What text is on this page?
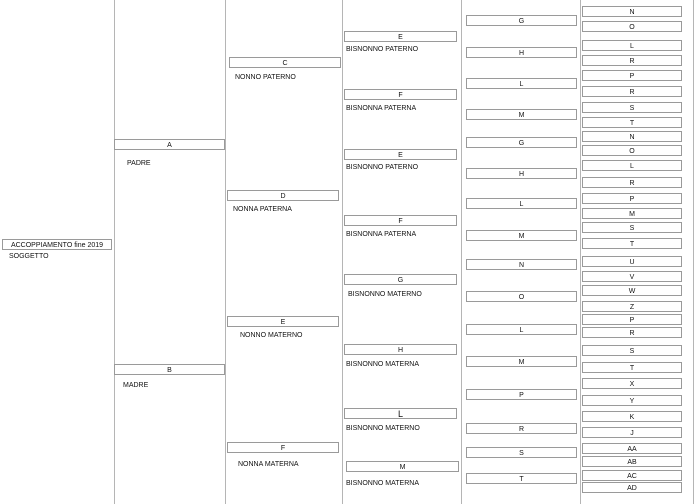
ACCOPPIAMENTO fine 2019
SOGGETTO
A
PADRE
B
MADRE
C
NONNO PATERNO
D
NONNA PATERNA
E
NONNO MATERNO
F
NONNA MATERNA
E
BISNONNO PATERNO
F
BISNONNA PATERNA
E
BISNONNO PATERNO
F
BISNONNA PATERNA
G
BISNONNO MATERNO
H
BISNONNO MATERNA
L
BISNONNO MATERNO
M
BISNONNO MATERNA
G
H
L
M
G
H
L
M
N
O
L
M
P
R
S
T
N
O
L
R
P
R
S
T
N
O
L
R
P
M
S
T
U
V
W
Z
P
R
S
T
X
Y
K
J
AA
AB
AC
AD
